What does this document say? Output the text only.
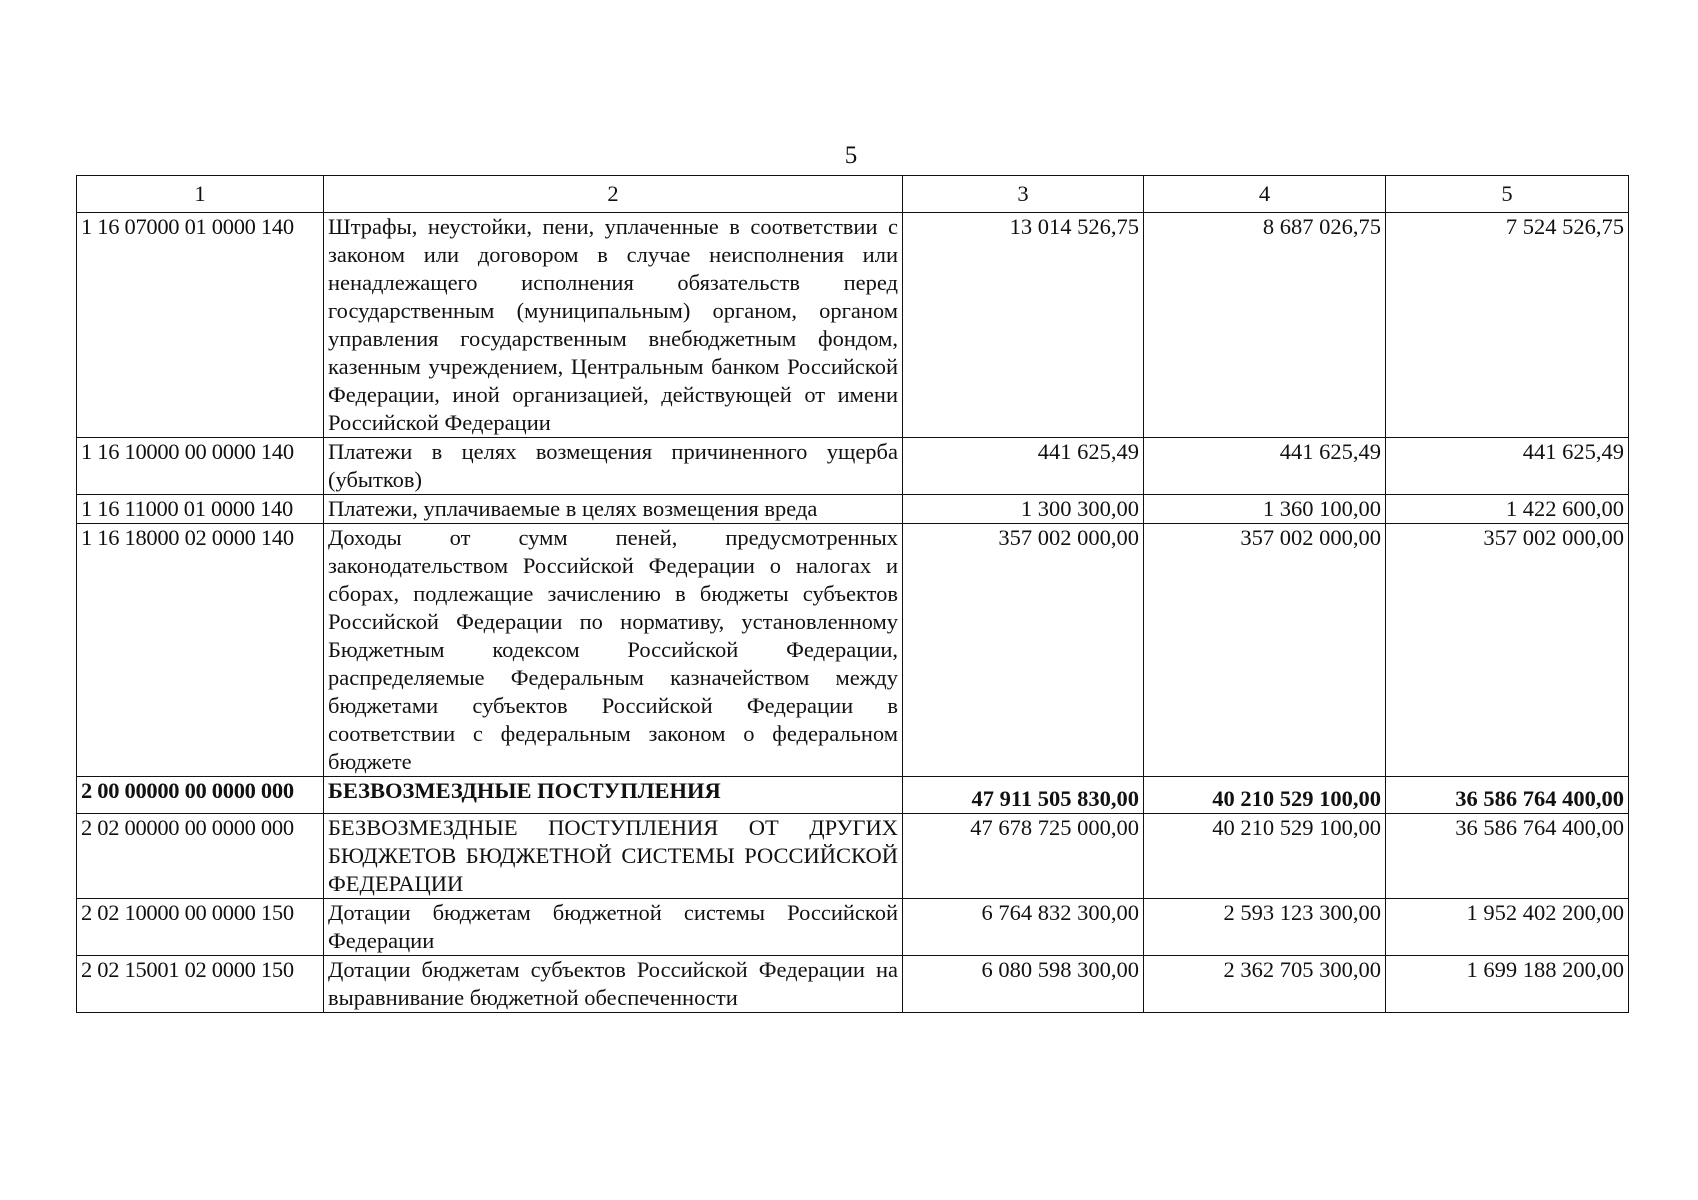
5
1	2	3	4	5
1 16 07000 01 0000 140	Штрафы, неустойки, пени, уплаченные в соответствии с законом или договором в случае неисполнения или ненадлежащего исполнения обязательств перед государственным (муниципальным) органом, органом управления государственным внебюджетным фондом, казенным учреждением, Центральным банком Российской Федерации, иной организацией, действующей от имени Российской Федерации	13 014 526,75	8 687 026,75	7 524 526,75
1 16 10000 00 0000 140	Платежи в целях возмещения причиненного ущерба (убытков)	441 625,49	441 625,49	441 625,49
1 16 11000 01 0000 140	Платежи, уплачиваемые в целях возмещения вреда	1 300 300,00	1 360 100,00	1 422 600,00
1 16 18000 02 0000 140	Доходы от сумм пеней, предусмотренных законодательством Российской Федерации о налогах и сборах, подлежащие зачислению в бюджеты субъектов Российской Федерации по нормативу, установленному Бюджетным кодексом Российской Федерации, распределяемые Федеральным казначейством между бюджетами субъектов Российской Федерации в соответствии с федеральным законом о федеральном бюджете	357 002 000,00	357 002 000,00	357 002 000,00
2 00 00000 00 0000 000	БЕЗВОЗМЕЗДНЫЕ ПОСТУПЛЕНИЯ	47 911 505 830,00	40 210 529 100,00	36 586 764 400,00
2 02 00000 00 0000 000	БЕЗВОЗМЕЗДНЫЕ ПОСТУПЛЕНИЯ ОТ ДРУГИХ БЮДЖЕТОВ БЮДЖЕТНОЙ СИСТЕМЫ РОССИЙСКОЙ ФЕДЕРАЦИИ	47 678 725 000,00	40 210 529 100,00	36 586 764 400,00
2 02 10000 00 0000 150	Дотации бюджетам бюджетной системы Российской Федерации	6 764 832 300,00	2 593 123 300,00	1 952 402 200,00
2 02 15001 02 0000 150	Дотации бюджетам субъектов Российской Федерации на выравнивание бюджетной обеспеченности	6 080 598 300,00	2 362 705 300,00	1 699 188 200,00
